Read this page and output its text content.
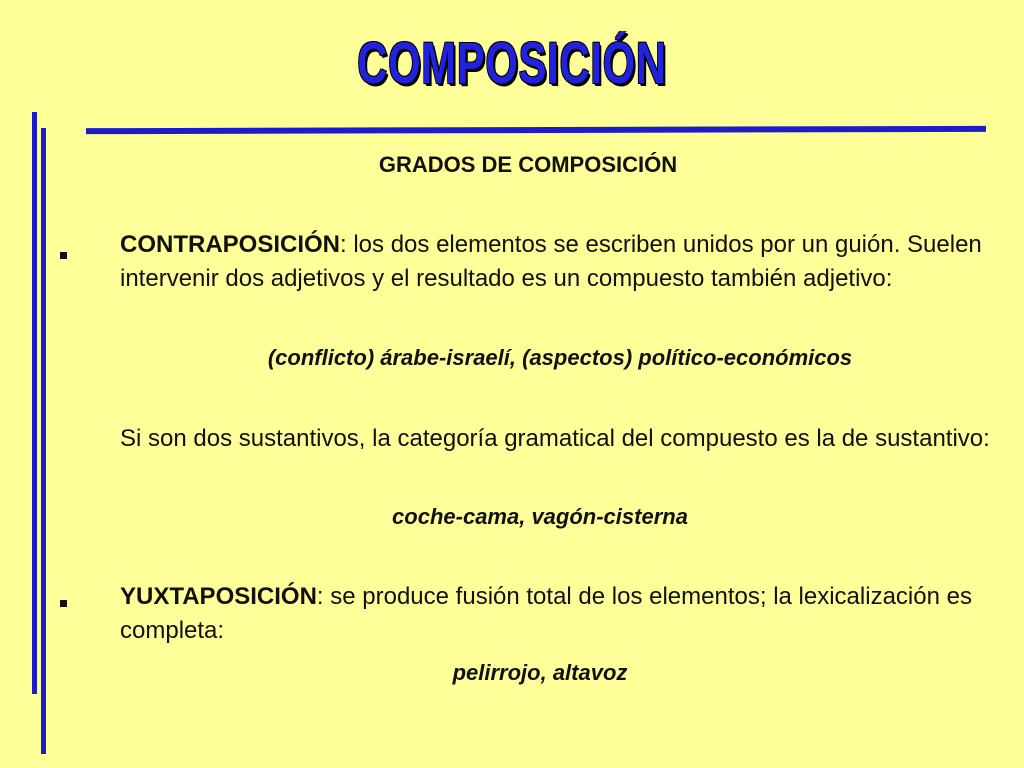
COMPOSICIÓN
GRADOS DE COMPOSICIÓN
CONTRAPOSICIÓN: los dos elementos se escriben unidos por un guión. Suelen intervenir dos adjetivos y el resultado es un compuesto también adjetivo:
(conflicto) árabe-israelí, (aspectos) político-económicos
Si son dos sustantivos, la categoría gramatical del compuesto es la de sustantivo:
coche-cama, vagón-cisterna
YUXTAPOSICIÓN: se produce fusión total de los elementos; la lexicalización es completa:
pelirrojo, altavoz
